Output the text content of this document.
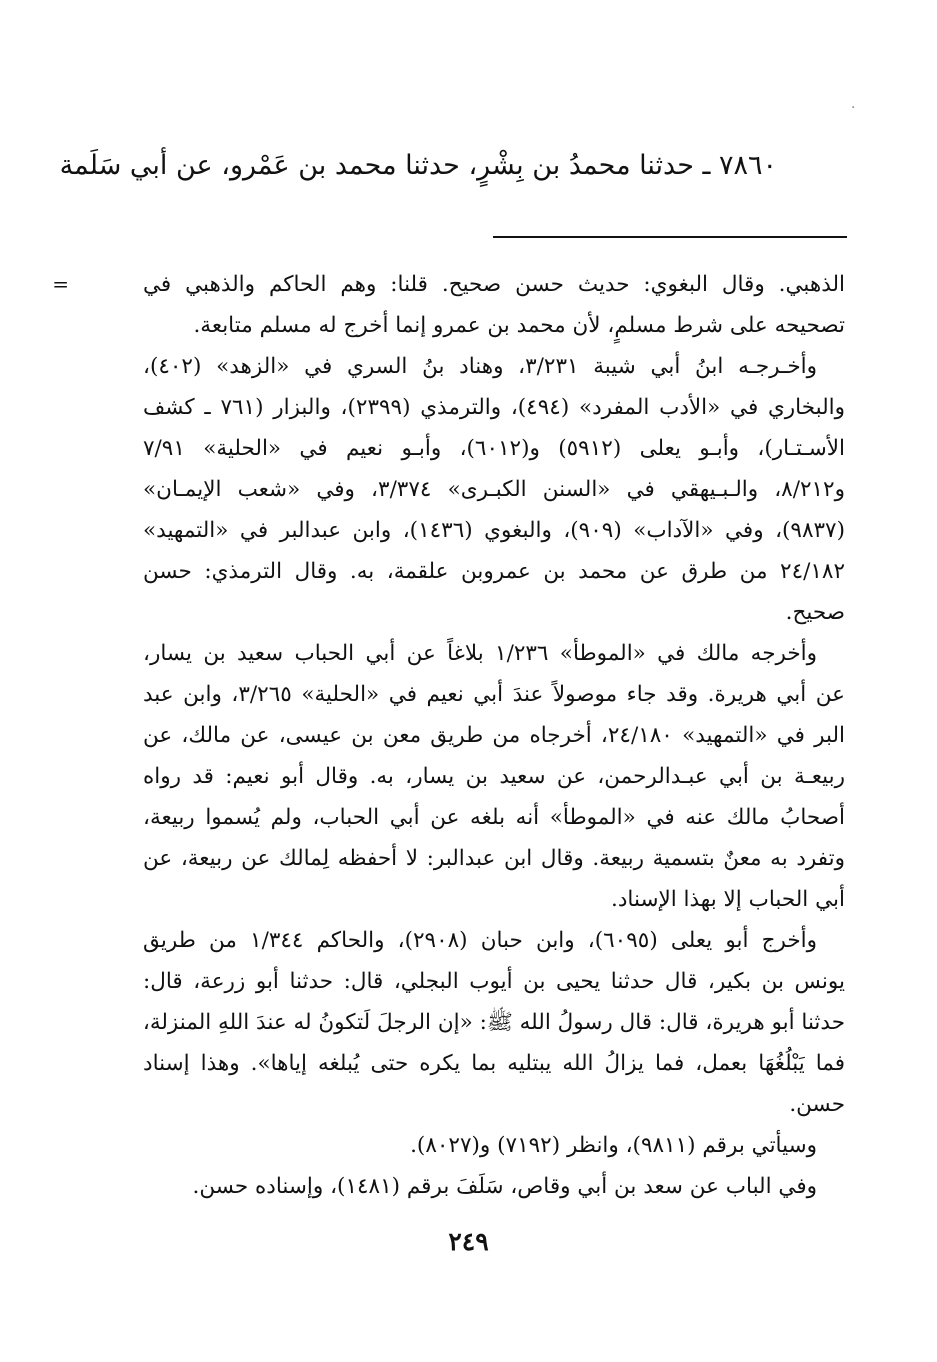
·
٧٨٦٠ ـ حدثنا محمدُ بن بِشْرٍ، حدثنا محمد بن عَمْرو، عن أبي سَلَمة
=	الذهبي. وقال البغوي: حديث حسن صحيح. قلنا: وهم الحاكم والذهبي في
تصحيحه على شرط مسلمٍ، لأن محمد بن عمرو إنما أخرج له مسلم متابعة.
وأخـرجـه ابنُ أبي شيبة ٣/٢٣١، وهناد بنُ السري في «الزهد» (٤٠٢)،
والبخاري في «الأدب المفرد» (٤٩٤)، والترمذي (٢٣٩٩)، والبزار (٧٦١ ـ كشف
الأسـتـار)، وأبـو يعلى (٥٩١٢) و(٦٠١٢)، وأبـو نعيم في «الحلية» ٧/٩١
و٨/٢١٢، والـبـيهقي في «السنن الكبـرى» ٣/٣٧٤، وفي «شعب الإيمـان»
(٩٨٣٧)، وفي «الآداب» (٩٠٩)، والبغوي (١٤٣٦)، وابن عبدالبر في «التمهيد»
٢٤/١٨٢ من طرق عن محمد بن عمروبن علقمة، به. وقال الترمذي: حسن
صحيح.
وأخرجه مالك في «الموطأ» ١/٢٣٦ بلاغاً عن أبي الحباب سعيد بن يسار،
عن أبي هريرة. وقد جاء موصولاً عندَ أبي نعيم في «الحلية» ٣/٢٦٥، وابن عبد
البر في «التمهيد» ٢٤/١٨٠، أخرجاه من طريق معن بن عيسى، عن مالك، عن
ربيعـة بن أبي عبـدالرحمن، عن سعيد بن يسار، به. وقال أبو نعيم: قد رواه
أصحابُ مالك عنه في «الموطأ» أنه بلغه عن أبي الحباب، ولم يُسموا ربيعة،
وتفرد به معنٌ بتسمية ربيعة. وقال ابن عبدالبر: لا أحفظه لِمالك عن ربيعة، عن
أبي الحباب إلا بهذا الإسناد.
وأخرج أبو يعلى (٦٠٩٥)، وابن حبان (٢٩٠٨)، والحاكم ١/٣٤٤ من طريق
يونس بن بكير، قال حدثنا يحيى بن أيوب البجلي، قال: حدثنا أبو زرعة، قال:
حدثنا أبو هريرة، قال: قال رسولُ الله ﷺ: «إن الرجلَ لَتكونُ له عندَ اللهِ المنزلة،
فما يَبْلُغُهَا بعمل، فما يزالُ الله يبتليه بما يكره حتى يُبلغه إياها». وهذا إسناد
حسن.
وسيأتي برقم (٩٨١١)، وانظر (٧١٩٢) و(٨٠٢٧).
وفي الباب عن سعد بن أبي وقاص، سَلَفَ برقم (١٤٨١)، وإسناده حسن.
٢٤٩
